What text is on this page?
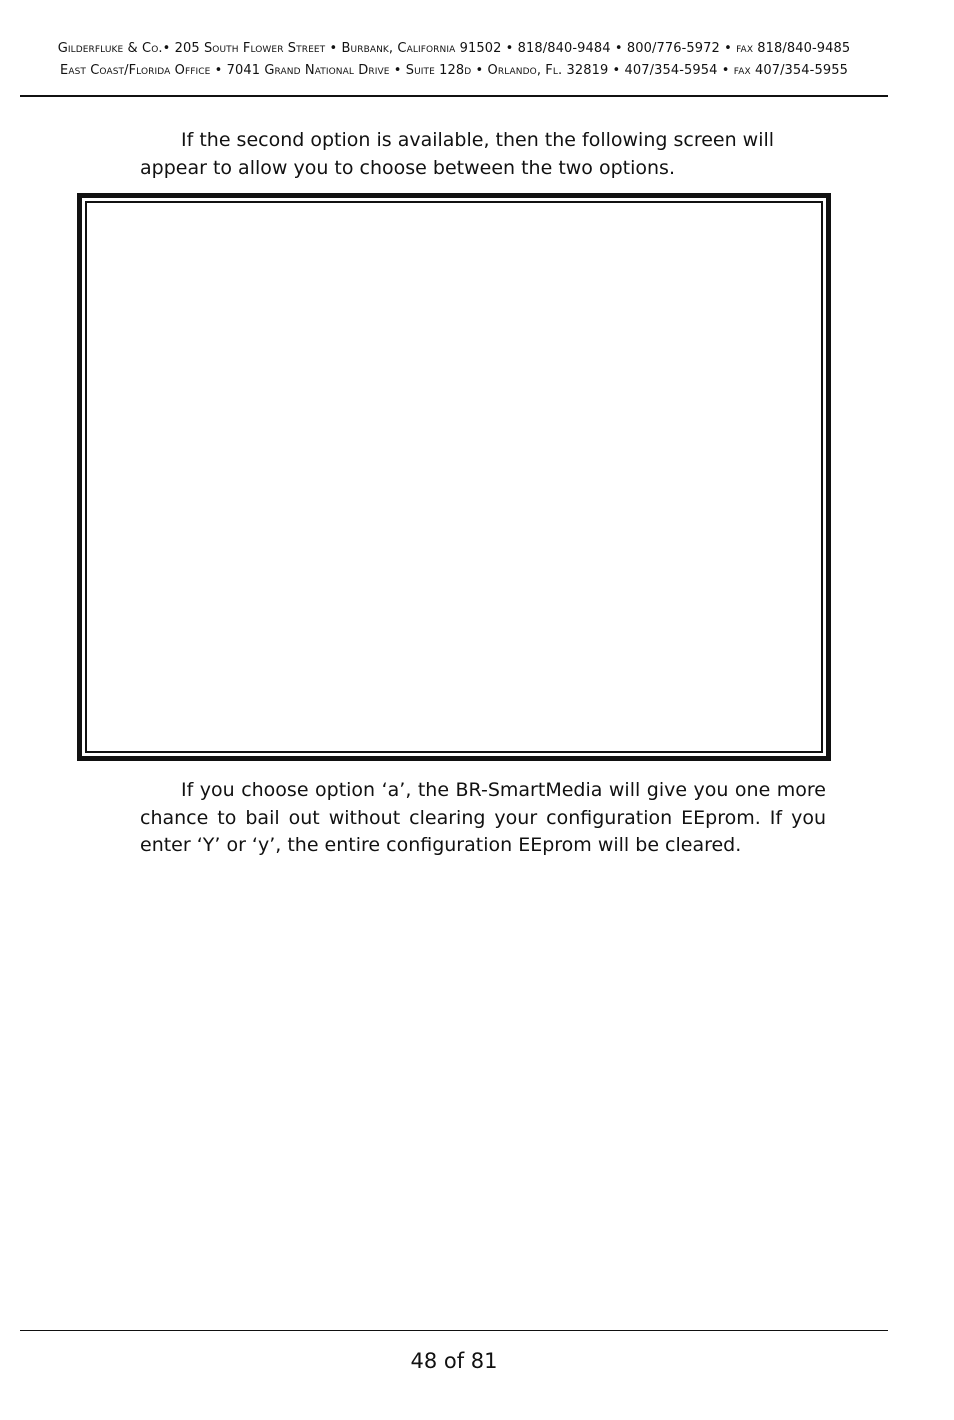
Gilderfluke & Co.• 205 South Flower Street • Burbank, California 91502 • 818/840-9484 • 800/776-5972 • fax 818/840-9485
East Coast/Florida Office • 7041 Grand National Drive • Suite 128d • Orlando, Fl. 32819 • 407/354-5954 • fax 407/354-5955

If the second option is available, then the following screen will appear to allow you to choose between the two options.

If you choose option ‘a’, the BR-SmartMedia will give you one more chance to bail out without clearing your configuration EEprom. If you enter ‘Y’ or ‘y’, the entire configuration EEprom will be cleared.

48 of 81
